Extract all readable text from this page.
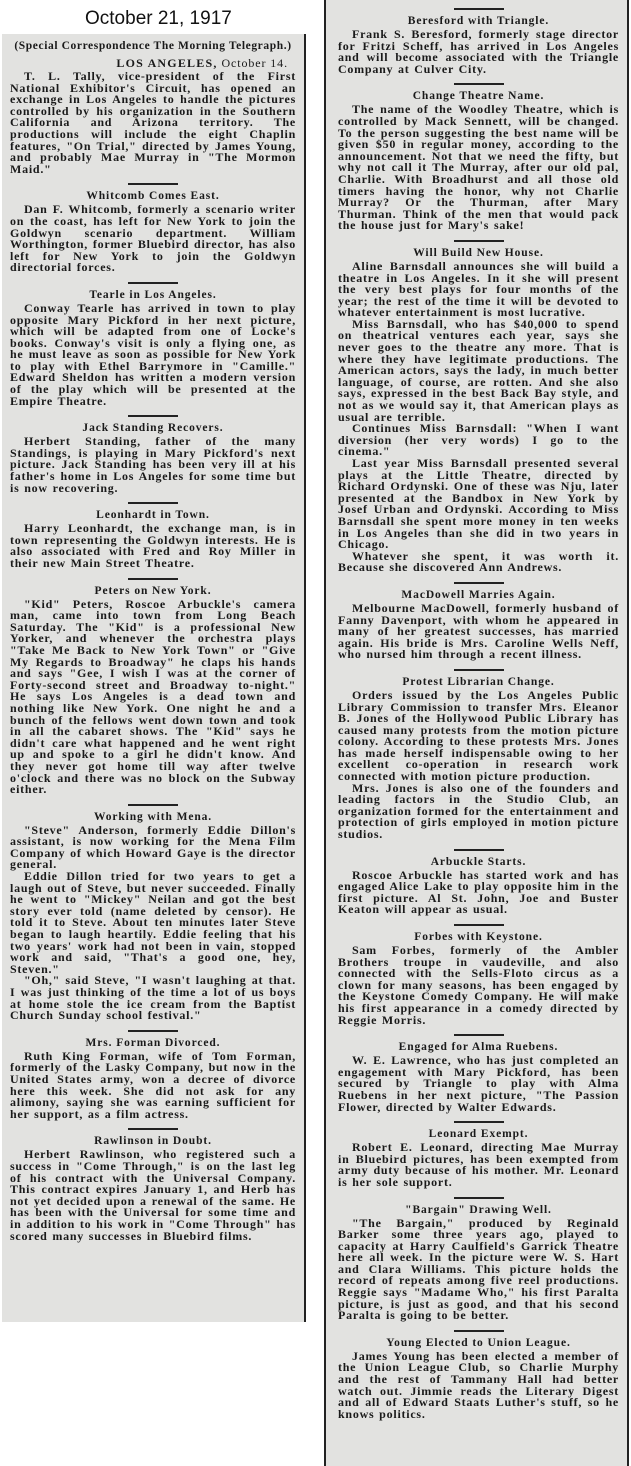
October 21, 1917
(Special Correspondence The Morning Telegraph.)
LOS ANGELES, October 14.

T. L. Tally, vice-president of the First National Exhibitor's Circuit, has opened an exchange in Los Angeles to handle the pictures controlled by his organization in the Southern California and Arizona territory. The productions will include the eight Chaplin features, "On Trial," directed by James Young, and probably Mae Murray in "The Mormon Maid."

Whitcomb Comes East.

Dan F. Whitcomb, formerly a scenario writer on the coast, has left for New York to join the Goldwyn scenario department. William Worthington, former Bluebird director, has also left for New York to join the Goldwyn directorial forces.

Tearle in Los Angeles.

Conway Tearle has arrived in town to play opposite Mary Pickford in her next picture, which will be adapted from one of Locke's books. Conway's visit is only a flying one, as he must leave as soon as possible for New York to play with Ethel Barrymore in "Camille." Edward Sheldon has written a modern version of the play which will be presented at the Empire Theatre.

Jack Standing Recovers.

Herbert Standing, father of the many Standings, is playing in Mary Pickford's next picture. Jack Standing has been very ill at his father's home in Los Angeles for some time but is now recovering.

Leonhardt in Town.

Harry Leonhardt, the exchange man, is in town representing the Goldwyn interests. He is also associated with Fred and Roy Miller in their new Main Street Theatre.

Peters on New York.

"Kid" Peters, Roscoe Arbuckle's camera man, came into town from Long Beach Saturday. The "Kid" is a professional New Yorker, and whenever the orchestra plays "Take Me Back to New York Town" or "Give My Regards to Broadway" he claps his hands and says "Gee, I wish I was at the corner of Forty-second street and Broadway to-night." He says Los Angeles is a dead town and nothing like New York. One night he and a bunch of the fellows went down town and took in all the cabaret shows. The "Kid" says he didn't care what happened and he went right up and spoke to a girl he didn't know. And they never got home till way after twelve o'clock and there was no block on the Subway either.

Working with Mena.

"Steve" Anderson, formerly Eddie Dillon's assistant, is now working for the Mena Film Company of which Howard Gaye is the director general.

Eddie Dillon tried for two years to get a laugh out of Steve, but never succeeded. Finally he went to "Mickey" Neilan and got the best story ever told (name deleted by censor). He told it to Steve. About ten minutes later Steve began to laugh heartily. Eddie feeling that his two years' work had not been in vain, stopped work and said, "That's a good one, hey, Steven."

"Oh," said Steve, "I wasn't laughing at that. I was just thinking of the time a lot of us boys at home stole the ice cream from the Baptist Church Sunday school festival."

Mrs. Forman Divorced.

Ruth King Forman, wife of Tom Forman, formerly of the Lasky Company, but now in the United States army, won a decree of divorce here this week. She did not ask for any alimony, saying she was earning sufficient for her support, as a film actress.

Rawlinson in Doubt.

Herbert Rawlinson, who registered such a success in "Come Through," is on the last leg of his contract with the Universal Company. This contract expires January 1, and Herb has not yet decided upon a renewal of the same. He has been with the Universal for some time and in addition to his work in "Come Through" has scored many successes in Bluebird films.

Beresford with Triangle.

Frank S. Beresford, formerly stage director for Fritzi Scheff, has arrived in Los Angeles and will become associated with the Triangle Company at Culver City.

Change Theatre Name.

The name of the Woodley Theatre, which is controlled by Mack Sennett, will be changed. To the person suggesting the best name will be given $50 in regular money, according to the announcement. Not that we need the fifty, but why not call it The Murray, after our old pal, Charlie. With Broadhurst and all those old timers having the honor, why not Charlie Murray? Or the Thurman, after Mary Thurman. Think of the men that would pack the house just for Mary's sake!

Will Build New House.

Aline Barnsdall announces she will build a theatre in Los Angeles. In it she will present the very best plays for four months of the year; the rest of the time it will be devoted to whatever entertainment is most lucrative.

Miss Barnsdall, who has $40,000 to spend on theatrical ventures each year, says she never goes to the theatre any more. That is where they have legitimate productions. The American actors, says the lady, in much better language, of course, are rotten. And she also says, expressed in the best Back Bay style, and not as we would say it, that American plays as usual are terrible.

Continues Miss Barnsdall: "When I want diversion (her very words) I go to the cinema."

Last year Miss Barnsdall presented several plays at the Little Theatre, directed by Richard Ordynski. One of these was Nju, later presented at the Bandbox in New York by Josef Urban and Ordynski. According to Miss Barnsdall she spent more money in ten weeks in Los Angeles than she did in two years in Chicago.

Whatever she spent, it was worth it. Because she discovered Ann Andrews.

MacDowell Marries Again.

Melbourne MacDowell, formerly husband of Fanny Davenport, with whom he appeared in many of her greatest successes, has married again. His bride is Mrs. Caroline Wells Neff, who nursed him through a recent illness.

Protest Librarian Change.

Orders issued by the Los Angeles Public Library Commission to transfer Mrs. Eleanor B. Jones of the Hollywood Public Library has caused many protests from the motion picture colony. According to these protests Mrs. Jones has made herself indispensable owing to her excellent co-operation in research work connected with motion picture production.

Mrs. Jones is also one of the founders and leading factors in the Studio Club, an organization formed for the entertainment and protection of girls employed in motion picture studios.

Arbuckle Starts.

Roscoe Arbuckle has started work and has engaged Alice Lake to play opposite him in the first picture. Al St. John, Joe and Buster Keaton will appear as usual.

Forbes with Keystone.

Sam Forbes, formerly of the Ambler Brothers troupe in vaudeville, and also connected with the Sells-Floto circus as a clown for many seasons, has been engaged by the Keystone Comedy Company. He will make his first appearance in a comedy directed by Reggie Morris.

Engaged for Alma Ruebens.

W. E. Lawrence, who has just completed an engagement with Mary Pickford, has been secured by Triangle to play with Alma Ruebens in her next picture, "The Passion Flower, directed by Walter Edwards.

Leonard Exempt.

Robert E. Leonard, directing Mae Murray in Bluebird pictures, has been exempted from army duty because of his mother. Mr. Leonard is her sole support.

"Bargain" Drawing Well.

"The Bargain," produced by Reginald Barker some three years ago, played to capacity at Harry Caulfield's Garrick Theatre here all week. In the picture were W. S. Hart and Clara Williams. This picture holds the record of repeats among five reel productions. Reggie says "Madame Who," his first Paralta picture, is just as good, and that his second Paralta is going to be better.

Young Elected to Union League.

James Young has been elected a member of the Union League Club, so Charlie Murphy and the rest of Tammany Hall had better watch out. Jimmie reads the Literary Digest and all of Edward Staats Luther's stuff, so he knows politics.
